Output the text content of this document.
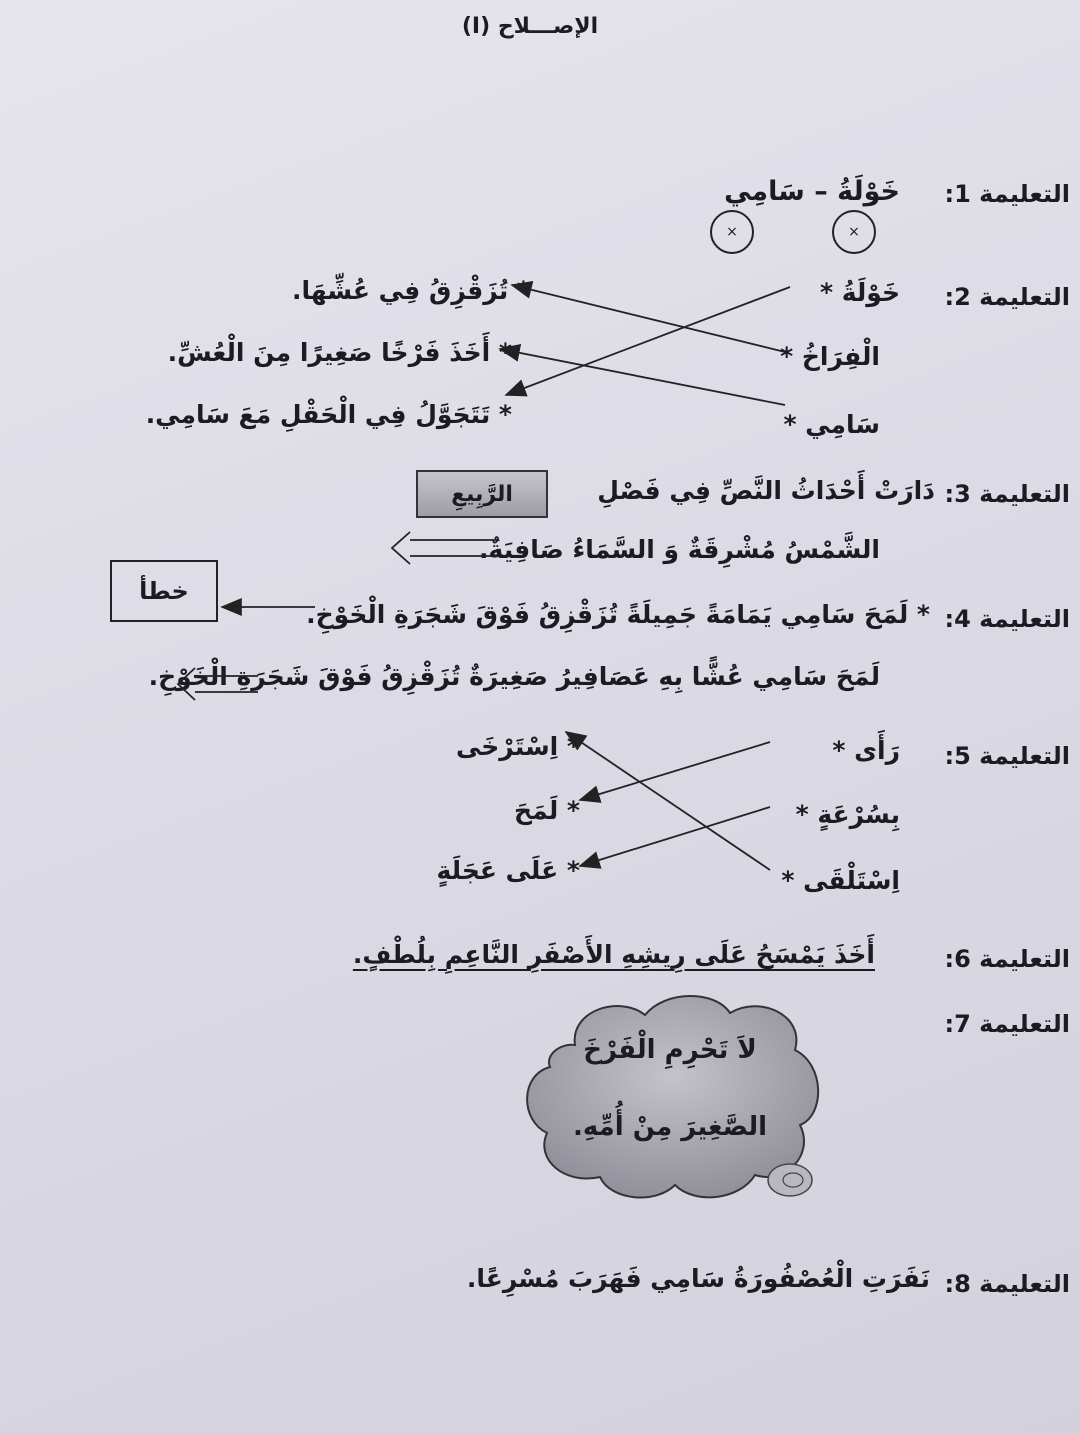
الإصـــلاح (I)
التعليمة 1:
خَوْلَةُ – سَامِي
×
×
التعليمة 2:
خَوْلَةُ *
الْفِرَاخُ *
سَامِي *
* تُزَقْزِقُ فِي عُشِّهَا.
* أَخَذَ فَرْخًا صَغِيرًا مِنَ الْعُشِّ.
* تَتَجَوَّلُ فِي الْحَقْلِ مَعَ سَامِي.
التعليمة 3:
دَارَتْ أَحْدَاثُ النَّصِّ فِي فَصْلِ
الرَّبِيعِ
الشَّمْسُ مُشْرِقَةٌ وَ السَّمَاءُ صَافِيَةٌ.
التعليمة 4:
* لَمَحَ سَامِي يَمَامَةً جَمِيلَةً تُزَقْزِقُ فَوْقَ شَجَرَةِ الْخَوْخِ.
خطأ
لَمَحَ سَامِي عُشًّا بِهِ عَصَافِيرُ صَغِيرَةٌ تُزَقْزِقُ فَوْقَ شَجَرَةِ الْخَوْخِ.
التعليمة 5:
رَأَى *
بِسُرْعَةٍ *
اِسْتَلْقَى *
* اِسْتَرْخَى
* لَمَحَ
* عَلَى عَجَلَةٍ
التعليمة 6:
أَخَذَ يَمْسَحُ عَلَى رِيشِهِ الأَصْفَرِ النَّاعِمِ بِلُطْفٍ.
التعليمة 7:
لاَ تَحْرِمِ الْفَرْخَ
الصَّغِيرَ مِنْ أُمِّهِ.
التعليمة 8:
نَفَرَتِ الْعُصْفُورَةُ سَامِي فَهَرَبَ مُسْرِعًا.
